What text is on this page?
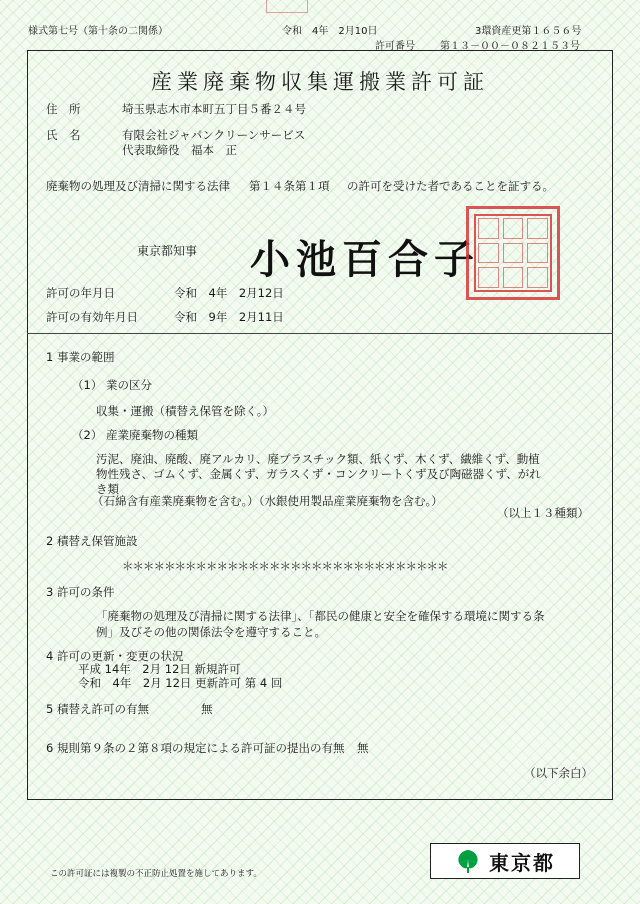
様式第七号（第十条の二関係）	令和　4年　2月10日	3環資産更第１６５６号
許可番号	第１３－００－０８２１５３号
産業廃棄物収集運搬業許可証
住　所	埼玉県志木市本町五丁目５番２４号
氏　名	有限会社ジャパンクリーンサービス
代表取締役　福本　正
廃棄物の処理及び清掃に関する法律 第１４条第１項 の許可を受けた者であることを証する。
東京都知事 小池百合子
許可の年月日	令和　4年　2月12日
許可の有効年月日	令和　9年　2月11日
1 事業の範囲
（1） 業の区分
収集・運搬（積替え保管を除く。）
（2） 産業廃棄物の種類
汚泥、廃油、廃酸、廃アルカリ、廃プラスチック類、紙くず、木くず、繊維くず、動植
物性残さ、ゴムくず、金属くず、ガラスくず・コンクリートくず及び陶磁器くず、がれ
き類
（石綿含有産業廃棄物を含む。）（水銀使用製品産業廃棄物を含む。）
（以上１３種類）
2 積替え保管施設
＊＊＊＊＊＊＊＊＊＊＊＊＊＊＊＊＊＊＊＊＊＊＊＊＊＊＊＊＊＊＊
3 許可の条件
「廃棄物の処理及び清掃に関する法律」、「都民の健康と安全を確保する環境に関する条
例」及びその他の関係法令を遵守すること。
4 許可の更新・変更の状況
平成 14年　2月 12日 新規許可
令和　4年　2月 12日 更新許可 第 4 回
5 積替え許可の有無	無
6 規則第９条の２第８項の規定による許可証の提出の有無 無
（以下余白）
この許可証には複製の不正防止処置を施してあります。	東京都
